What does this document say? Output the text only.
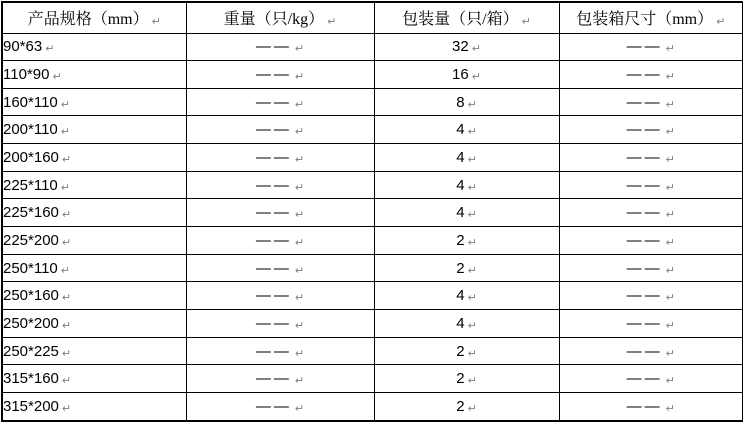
产品规格（mm） ↵	重量（只/kg） ↵	包装量（只/箱） ↵	包装箱尺寸（mm） ↵
90*63 ↵	—— ↵	32 ↵	—— ↵
110*90 ↵	—— ↵	16 ↵	—— ↵
160*110 ↵	—— ↵	8 ↵	—— ↵
200*110 ↵	—— ↵	4 ↵	—— ↵
200*160 ↵	—— ↵	4 ↵	—— ↵
225*110 ↵	—— ↵	4 ↵	—— ↵
225*160 ↵	—— ↵	4 ↵	—— ↵
225*200 ↵	—— ↵	2 ↵	—— ↵
250*110 ↵	—— ↵	2 ↵	—— ↵
250*160 ↵	—— ↵	4 ↵	—— ↵
250*200 ↵	—— ↵	4 ↵	—— ↵
250*225 ↵	—— ↵	2 ↵	—— ↵
315*160 ↵	—— ↵	2 ↵	—— ↵
315*200 ↵	—— ↵	2 ↵	—— ↵
